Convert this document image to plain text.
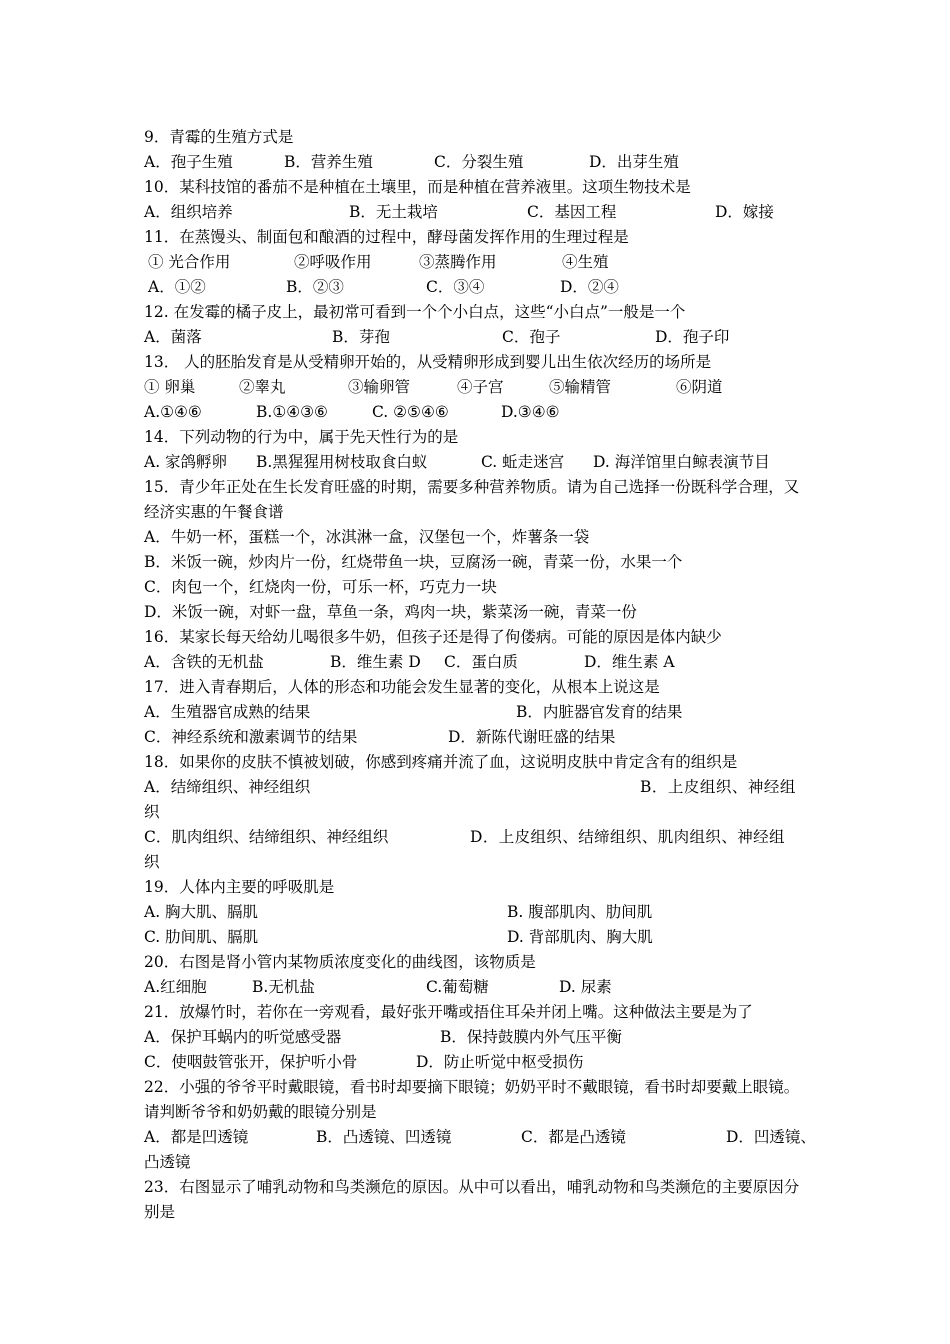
9．青霉的生殖方式是
A．孢子生殖	B．营养生殖	C．分裂生殖	D．出芽生殖
10．某科技馆的番茄不是种植在土壤里，而是种植在营养液里。这项生物技术是
A．组织培养	B．无土栽培	C．基因工程	D．嫁接
11．在蒸馒头、制面包和酿酒的过程中，酵母菌发挥作用的生理过程是
① 光合作用	②呼吸作用	③蒸腾作用	④生殖
A．①②	B．②③	C．③④	D．②④
12. 在发霉的橘子皮上，最初常可看到一个个小白点，这些“小白点”一般是一个
A．菌落	B．芽孢	C．孢子	D．孢子印
13． 人的胚胎发育是从受精卵开始的，从受精卵形成到婴儿出生依次经历的场所是
① 卵巢	②睾丸	③输卵管	④子宫	⑤输精管	⑥阴道
A.①④⑥	B.①④③⑥	C. ②⑤④⑥	D.③④⑥
14．下列动物的行为中，属于先天性行为的是
A. 家鸽孵卵 B.黑猩猩用树枝取食白蚁	C. 蚯走迷宫 D. 海洋馆里白鲸表演节目
15．青少年正处在生长发育旺盛的时期，需要多种营养物质。请为自己选择一份既科学合理，又经济实惠的午餐食谱
A．牛奶一杯，蛋糕一个，冰淇淋一盒，汉堡包一个，炸薯条一袋
B．米饭一碗，炒肉片一份，红烧带鱼一块，豆腐汤一碗，青菜一份，水果一个
C．肉包一个，红烧肉一份，可乐一杯，巧克力一块
D．米饭一碗，对虾一盘，草鱼一条，鸡肉一块，紫菜汤一碗，青菜一份
16．某家长每天给幼儿喝很多牛奶，但孩子还是得了佝偻病。可能的原因是体内缺少
A．含铁的无机盐	B．维生素 D C．蛋白质	D．维生素 A
17．进入青春期后，人体的形态和功能会发生显著的变化，从根本上说这是
A．生殖器官成熟的结果	B．内脏器官发育的结果
C．神经系统和激素调节的结果	D．新陈代谢旺盛的结果
18．如果你的皮肤不慎被划破，你感到疼痛并流了血，这说明皮肤中肯定含有的组织是
A．结缔组织、神经组织	B．上皮组织、神经组
织
C．肌肉组织、结缔组织、神经组织	D．上皮组织、结缔组织、肌肉组织、神经组
织
19．人体内主要的呼吸肌是
A. 胸大肌、膈肌	B. 腹部肌肉、肋间肌
C. 肋间肌、膈肌	D. 背部肌肉、胸大肌
20．右图是肾小管内某物质浓度变化的曲线图，该物质是
A.红细胞	B.无机盐	C.葡萄糖	D. 尿素
21．放爆竹时，若你在一旁观看，最好张开嘴或捂住耳朵并闭上嘴。这种做法主要是为了
A．保护耳蜗内的听觉感受器	B．保持鼓膜内外气压平衡
C．使咽鼓管张开，保护听小骨	D．防止听觉中枢受损伤
22．小强的爷爷平时戴眼镜，看书时却要摘下眼镜；奶奶平时不戴眼镜，看书时却要戴上眼镜。请判断爷爷和奶奶戴的眼镜分别是
A．都是凹透镜	B．凸透镜、凹透镜	C．都是凸透镜	D．凹透镜、
凸透镜
23．右图显示了哺乳动物和鸟类濒危的原因。从中可以看出，哺乳动物和鸟类濒危的主要原因分别是
